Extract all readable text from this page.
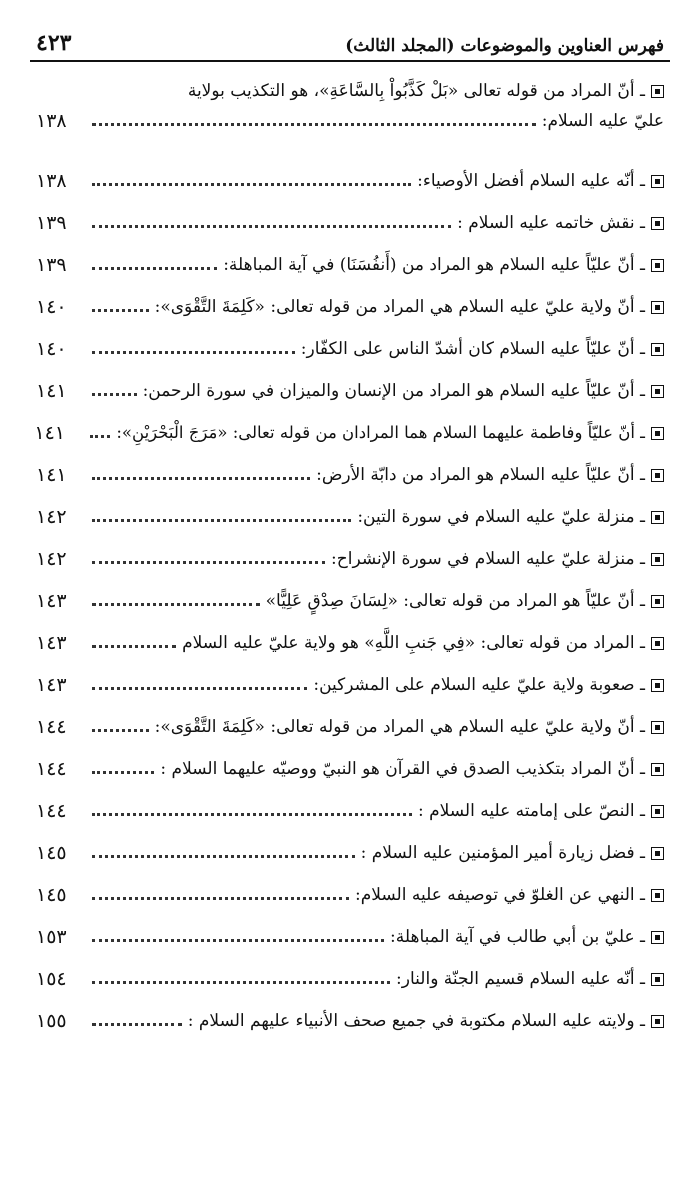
فهرس العناوين والموضوعات (المجلد الثالث)
٤٢٣
ـ أنّ المراد من قوله تعالى «بَلْ كَذَّبُواْ بِالسَّاعَةِ»، هو التكذيب بولاية
عليّ عليه السلام:
١٣٨
ـ أنّه عليه السلام أفضل الأوصياء:
١٣٨
ـ نقش خاتمه عليه السلام :
١٣٩
ـ أنّ عليّاً عليه السلام هو المراد من (أَنفُسَنَا) في آية المباهلة:
١٣٩
ـ أنّ ولاية عليّ عليه السلام هي المراد من قوله تعالى: «كَلِمَةَ التَّقْوَى»:
١٤٠
ـ أنّ عليّاً عليه السلام كان أشدّ الناس على الكفّار:
١٤٠
ـ أنّ عليّاً عليه السلام هو المراد من الإنسان والميزان في سورة الرحمن:
١٤١
ـ أنّ عليّاً وفاطمة عليهما السلام هما المرادان من قوله تعالى: «مَرَجَ الْبَحْرَيْنِ»:
١٤١
ـ أنّ عليّاً عليه السلام هو المراد من دابّة الأرض:
١٤١
ـ منزلة عليّ عليه السلام في سورة التين:
١٤٢
ـ منزلة عليّ عليه السلام في سورة الإنشراح:
١٤٢
ـ أنّ عليّاً هو المراد من قوله تعالى: «لِسَانَ صِدْقٍ عَلِيًّا»
١٤٣
ـ المراد من قوله تعالى: «فِي جَنبِ اللَّهِ» هو ولاية عليّ عليه السلام
١٤٣
ـ صعوبة ولاية عليّ عليه السلام على المشركين:
١٤٣
ـ أنّ ولاية عليّ عليه السلام هي المراد من قوله تعالى: «كَلِمَةَ التَّقْوَى»:
١٤٤
ـ أنّ المراد بتكذيب الصدق في القرآن هو النبيّ ووصيّه عليهما السلام :
١٤٤
ـ النصّ على إمامته عليه السلام :
١٤٤
ـ فضل زيارة أمير المؤمنين عليه السلام :
١٤٥
ـ النهي عن الغلوّ في توصيفه عليه السلام:
١٤٥
ـ عليّ بن أبي طالب في آية المباهلة:
١٥٣
ـ أنّه عليه السلام قسيم الجنّة والنار:
١٥٤
ـ ولايته عليه السلام مكتوبة في جميع صحف الأنبياء عليهم السلام :
١٥٥
